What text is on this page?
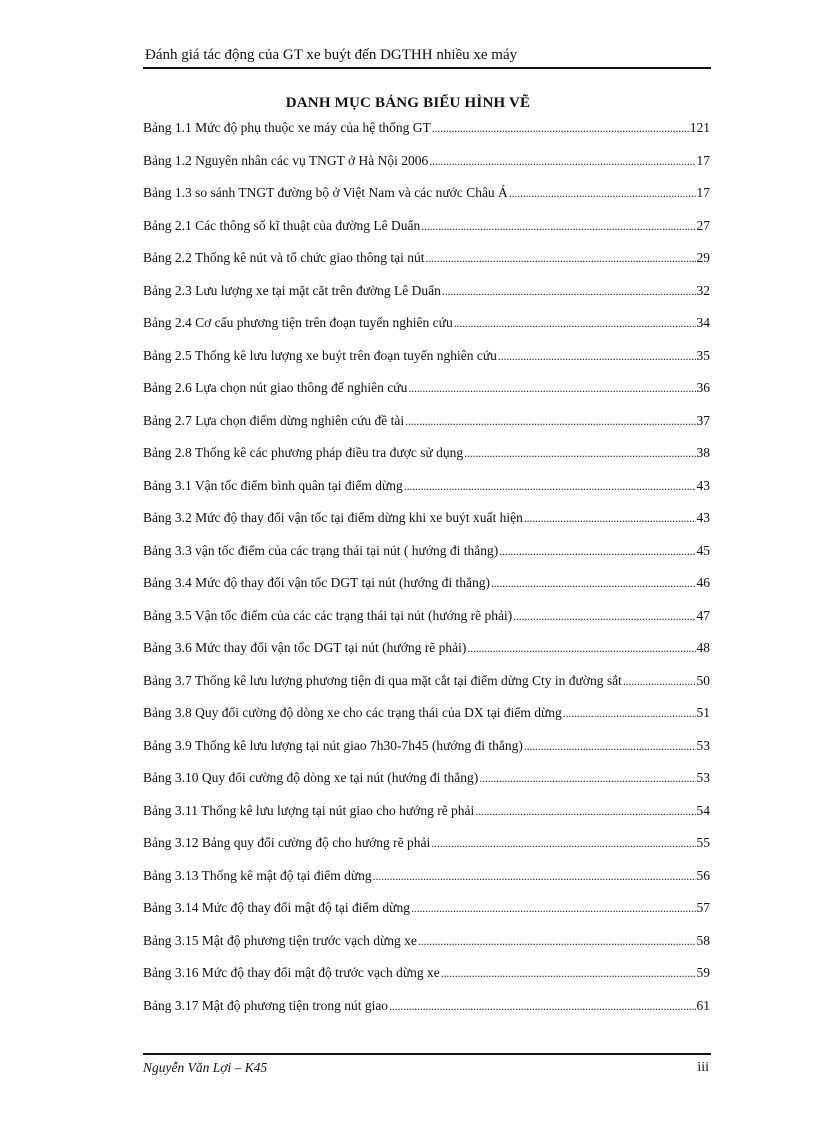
Đánh giá tác động của GT xe buýt đến DGTHH nhiều xe máy
DANH MỤC BẢNG BIỂU HÌNH VẼ
Bảng 1.1 Mức độ phụ thuộc xe máy của hệ thống GT . . .	121
Bảng 1.2 Nguyên nhân các vụ TNGT ở Hà Nội 2006 . . .	17
Bảng 1.3 so sánh TNGT đường bộ ở Việt Nam và các nước Châu Á . . .	17
Bảng 2.1 Các thông số kĩ thuật của đường Lê Duẩn . . .	27
Bảng 2.2 Thống kê nút và tổ chức giao thông tại nút . . .	29
Bảng 2.3 Lưu lượng xe tại mặt căt trên đường Lê Duẩn . . .	32
Bảng 2.4 Cơ cấu phương tiện trên đoạn tuyến nghiên cứu . . .	34
Bảng 2.5 Thống kê lưu lượng xe buýt trên đoạn tuyến nghiên cứu . . .	35
Bảng 2.6 Lựa chọn nút giao thông để nghiên cứu . . .	36
Bảng 2.7 Lựa chọn điểm dừng nghiên cứu đề tài . . .	37
Bảng 2.8 Thống kê các phương pháp điều tra được sử dụng . . .	38
Bảng 3.1 Vận tốc điểm bình quân tại điểm dừng . . .	43
Bảng 3.2 Mức độ thay đổi vận tốc tại điểm dừng khi xe buýt xuất hiện . . .	43
Bảng 3.3 vận tốc điểm của các trạng thái tại nút ( hướng đi thẳng) . . .	45
Bảng 3.4 Mức độ thay đổi vận tốc DGT tại nút (hướng đi thẳng) . . .	46
Bảng 3.5 Vận tốc điểm của các các trạng thái tại nút (hướng rẽ phải) . . .	47
Bảng 3.6 Mức thay đổi vận tốc DGT tại nút (hướng rẽ phải) . . .	48
Bảng 3.7 Thống kê lưu lượng phương tiện đi qua mặt cắt tại điểm dừng Cty in đường sắt . . .	50
Bảng 3.8 Quy đổi cường độ dòng xe cho các trạng thái của DX tại điểm dừng . . .	51
Bảng 3.9 Thống kê lưu lượng tại nút giao 7h30-7h45 (hướng đi thẳng) . . .	53
Bảng 3.10 Quy đổi cường độ dòng xe tại nút (hướng đi thẳng) . . .	53
Bảng 3.11 Thống kê lưu lượng tại nút giao cho hướng rẽ phải . . .	54
Bảng 3.12 Bảng quy đổi cường độ cho hướng rẽ phải . . .	55
Bảng 3.13 Thống kê mật độ tại điểm dừng . . .	56
Bảng 3.14 Mức độ thay đổi mật độ tại điểm dừng . . .	57
Bảng 3.15 Mật độ phương tiện trước vạch dừng xe . . .	58
Bảng 3.16 Mức độ thay đổi mật độ trước vạch dừng xe . . .	59
Bảng 3.17 Mật độ phương tiện trong nút giao . . .	61
Nguyễn Văn Lợi – K45	iii
